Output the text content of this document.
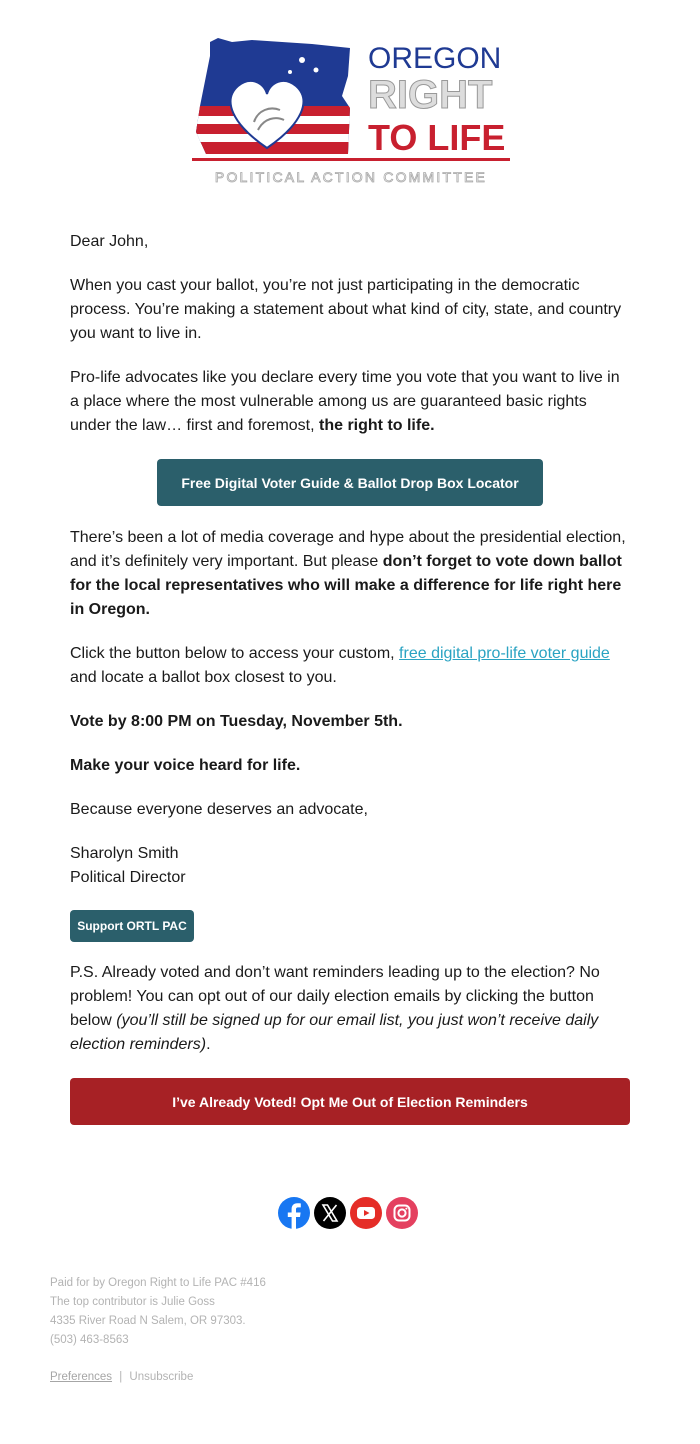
OREGON
RIGHT
TO LIFE
POLITICAL ACTION COMMITTEE

Dear John,

When you cast your ballot, you’re not just participating in the democratic process. You’re making a statement about what kind of city, state, and country you want to live in.

Pro-life advocates like you declare every time you vote that you want to live in a place where the most vulnerable among us are guaranteed basic rights under the law… first and foremost, the right to life.

Free Digital Voter Guide & Ballot Drop Box Locator

There’s been a lot of media coverage and hype about the presidential election, and it’s definitely very important. But please don’t forget to vote down ballot for the local representatives who will make a difference for life right here in Oregon.

Click the button below to access your custom, free digital pro-life voter guide and locate a ballot box closest to you.

Vote by 8:00 PM on Tuesday, November 5th.

Make your voice heard for life.

Because everyone deserves an advocate,

Sharolyn Smith

Political Director

Support ORTL PAC

P.S. Already voted and don’t want reminders leading up to the election? No problem! You can opt out of our daily election emails by clicking the button below (you’ll still be signed up for our email list, you just won’t receive daily election reminders).

I’ve Already Voted! Opt Me Out of Election Reminders
Paid for by Oregon Right to Life PAC #416
The top contributor is Julie Goss
4335 River Road N Salem, OR 97303.
(503) 463-8563
Preferences | Unsubscribe
